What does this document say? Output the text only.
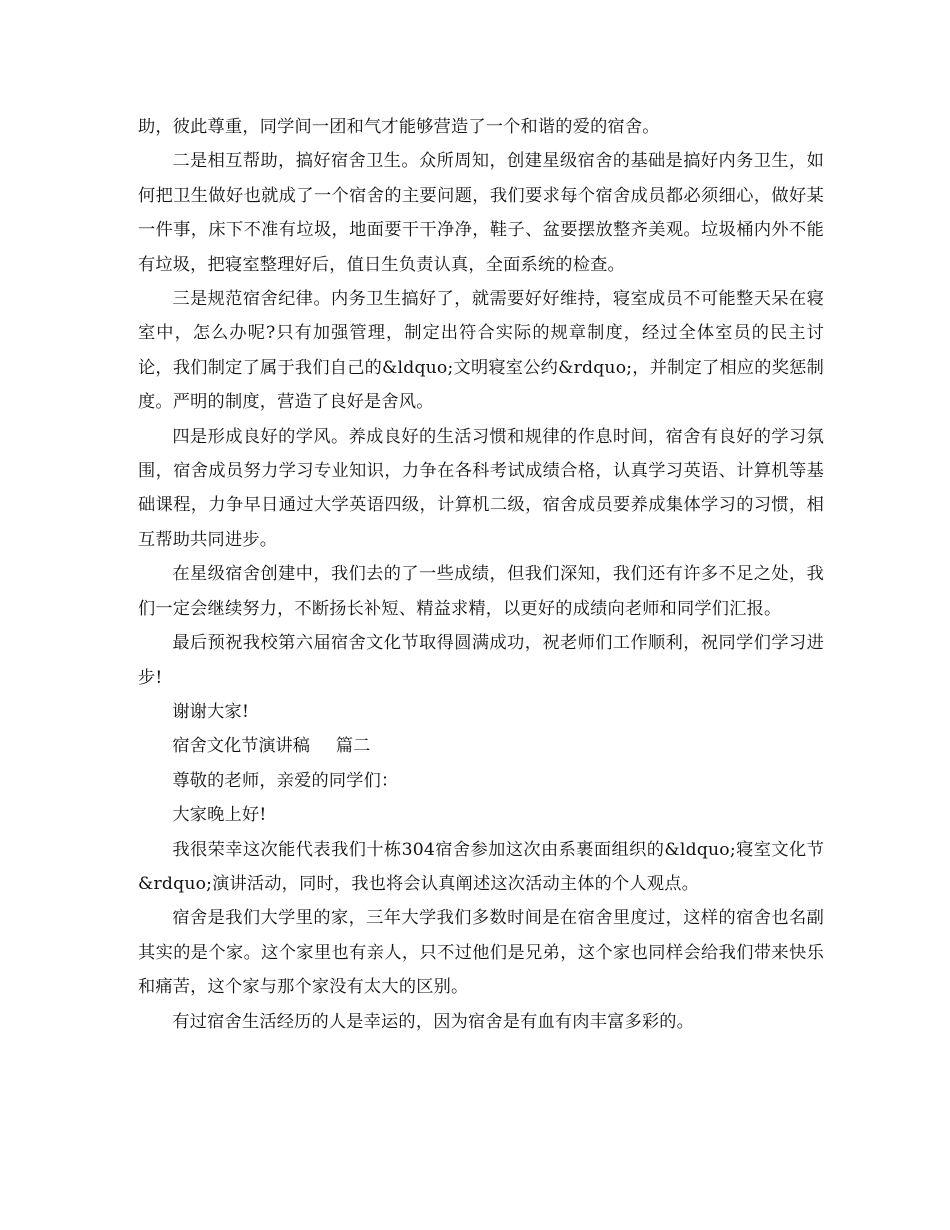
助，彼此尊重，同学间一团和气才能够营造了一个和谐的爱的宿舍。

二是相互帮助，搞好宿舍卫生。众所周知，创建星级宿舍的基础是搞好内务卫生，如何把卫生做好也就成了一个宿舍的主要问题，我们要求每个宿舍成员都必须细心，做好某一件事，床下不准有垃圾，地面要干干净净，鞋子、盆要摆放整齐美观。垃圾桶内外不能有垃圾，把寝室整理好后，值日生负责认真，全面系统的检查。

三是规范宿舍纪律。内务卫生搞好了，就需要好好维持，寝室成员不可能整天呆在寝室中，怎么办呢?只有加强管理，制定出符合实际的规章制度，经过全体室员的民主讨论，我们制定了属于我们自己的&ldquo;文明寝室公约&rdquo;，并制定了相应的奖惩制度。严明的制度，营造了良好是舍风。

四是形成良好的学风。养成良好的生活习惯和规律的作息时间，宿舍有良好的学习氛围，宿舍成员努力学习专业知识，力争在各科考试成绩合格，认真学习英语、计算机等基础课程，力争早日通过大学英语四级，计算机二级，宿舍成员要养成集体学习的习惯，相互帮助共同进步。

在星级宿舍创建中，我们去的了一些成绩，但我们深知，我们还有许多不足之处，我们一定会继续努力，不断扬长补短、精益求精，以更好的成绩向老师和同学们汇报。

最后预祝我校第六届宿舍文化节取得圆满成功，祝老师们工作顺利，祝同学们学习进步!

谢谢大家!

宿舍文化节演讲稿 篇二

尊敬的老师，亲爱的同学们：

大家晚上好!

我很荣幸这次能代表我们十栋304宿舍参加这次由系裹面组织的&ldquo;寝室文化节&rdquo;演讲活动，同时，我也将会认真阐述这次活动主体的个人观点。

宿舍是我们大学里的家，三年大学我们多数时间是在宿舍里度过，这样的宿舍也名副其实的是个家。这个家里也有亲人，只不过他们是兄弟，这个家也同样会给我们带来快乐和痛苦，这个家与那个家没有太大的区别。

有过宿舍生活经历的人是幸运的，因为宿舍是有血有肉丰富多彩的。
